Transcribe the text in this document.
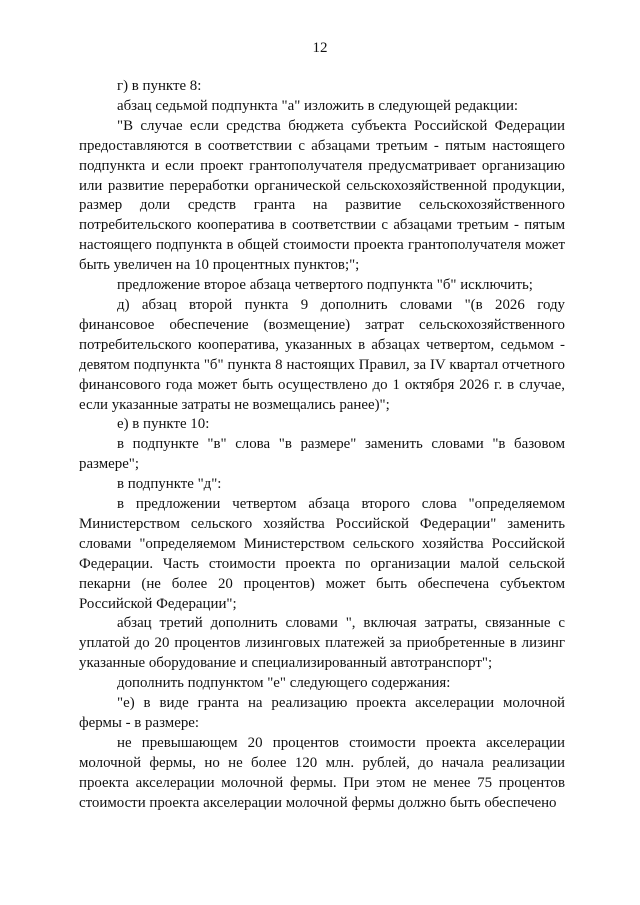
12

г) в пункте 8:

абзац седьмой подпункта "а" изложить в следующей редакции:

"В случае если средства бюджета субъекта Российской Федерации предоставляются в соответствии с абзацами третьим - пятым настоящего подпункта и если проект грантополучателя предусматривает организацию или развитие переработки органической сельскохозяйственной продукции, размер доли средств гранта на развитие сельскохозяйственного потребительского кооператива в соответствии с абзацами третьим - пятым настоящего подпункта в общей стоимости проекта грантополучателя может быть увеличен на 10 процентных пунктов;";

предложение второе абзаца четвертого подпункта "б" исключить;

д) абзац второй пункта 9 дополнить словами "(в 2026 году финансовое обеспечение (возмещение) затрат сельскохозяйственного потребительского кооператива, указанных в абзацах четвертом, седьмом - девятом подпункта "б" пункта 8 настоящих Правил, за IV квартал отчетного финансового года может быть осуществлено до 1 октября 2026 г. в случае, если указанные затраты не возмещались ранее)";

е) в пункте 10:

в подпункте "в" слова "в размере" заменить словами "в базовом размере";

в подпункте "д":

в предложении четвертом абзаца второго слова "определяемом Министерством сельского хозяйства Российской Федерации" заменить словами "определяемом Министерством сельского хозяйства Российской Федерации. Часть стоимости проекта по организации малой сельской пекарни (не более 20 процентов) может быть обеспечена субъектом Российской Федерации";

абзац третий дополнить словами ", включая затраты, связанные с уплатой до 20 процентов лизинговых платежей за приобретенные в лизинг указанные оборудование и специализированный автотранспорт";

дополнить подпунктом "е" следующего содержания:

"е) в виде гранта на реализацию проекта акселерации молочной фермы - в размере:

не превышающем 20 процентов стоимости проекта акселерации молочной фермы, но не более 120 млн. рублей, до начала реализации проекта акселерации молочной фермы. При этом не менее 75 процентов стоимости проекта акселерации молочной фермы должно быть обеспечено
